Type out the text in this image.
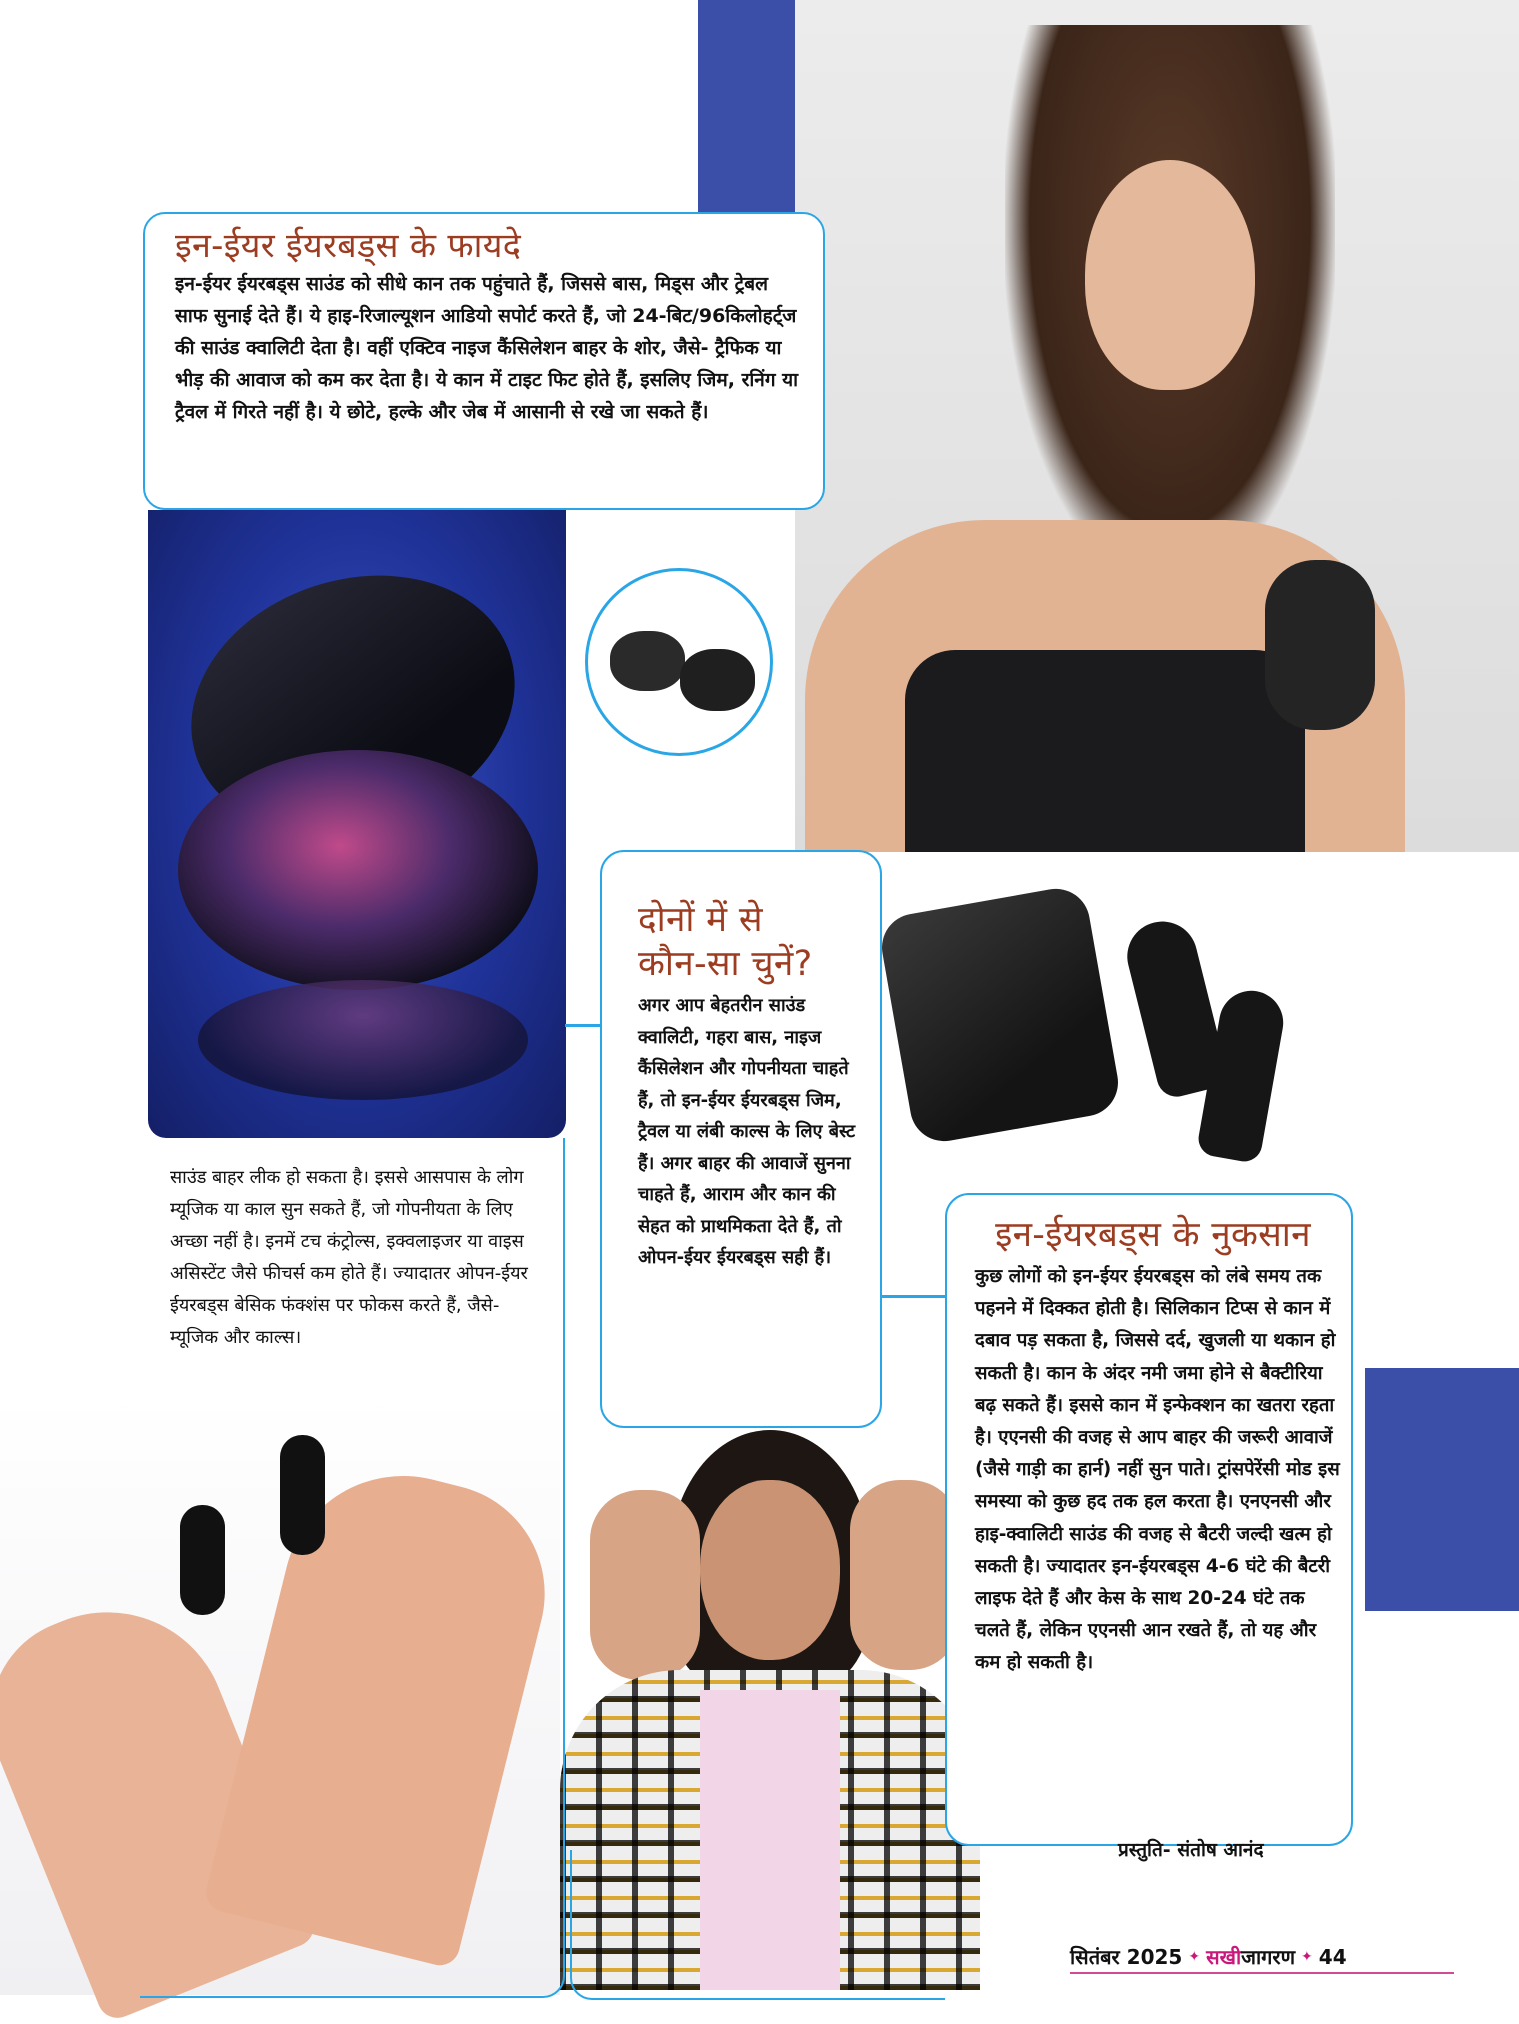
इन-ईयर ईयरबड्स के फायदे

इन-ईयर ईयरबड्स साउंड को सीधे कान तक पहुंचाते हैं, जिससे बास, मिड्स और ट्रेबल साफ सुनाई देते हैं। ये हाइ-रिजाल्यूशन आडियो सपोर्ट करते हैं, जो 24-बिट/96किलोहर्ट्ज की साउंड क्वालिटी देता है। वहीं एक्टिव नाइज कैंसिलेशन बाहर के शोर, जैसे- ट्रैफिक या भीड़ की आवाज को कम कर देता है। ये कान में टाइट फिट होते हैं, इसलिए जिम, रनिंग या ट्रैवल में गिरते नहीं है। ये छोटे, हल्के और जेब में आसानी से रखे जा सकते हैं।

साउंड बाहर लीक हो सकता है। इससे आसपास के लोग म्यूजिक या काल सुन सकते हैं, जो गोपनीयता के लिए अच्छा नहीं है। इनमें टच कंट्रोल्स, इक्वलाइजर या वाइस असिस्टेंट जैसे फीचर्स कम होते हैं। ज्यादातर ओपन-ईयर ईयरबड्स बेसिक फंक्शंस पर फोकस करते हैं, जैसे- म्यूजिक और काल्स।

दोनों में से
कौन-सा चुनें?

अगर आप बेहतरीन साउंड क्वालिटी, गहरा बास, नाइज कैंसिलेशन और गोपनीयता चाहते हैं, तो इन-ईयर ईयरबड्स जिम, ट्रैवल या लंबी काल्स के लिए बेस्ट हैं। अगर बाहर की आवाजें सुनना चाहते हैं, आराम और कान की सेहत को प्राथमिकता देते हैं, तो ओपन-ईयर ईयरबड्स सही हैं।

इन-ईयरबड्स के नुकसान

कुछ लोगों को इन-ईयर ईयरबड्स को लंबे समय तक पहनने में दिक्कत होती है। सिलिकान टिप्स से कान में दबाव पड़ सकता है, जिससे दर्द, खुजली या थकान हो सकती है। कान के अंदर नमी जमा होने से बैक्टीरिया बढ़ सकते हैं। इससे कान में इन्फेक्शन का खतरा रहता है। एएनसी की वजह से आप बाहर की जरूरी आवाजें (जैसे गाड़ी का हार्न) नहीं सुन पाते। ट्रांसपेरेंसी मोड इस समस्या को कुछ हद तक हल करता है। एनएनसी और हाइ-क्वालिटी साउंड की वजह से बैटरी जल्दी खत्म हो सकती है। ज्यादातर इन-ईयरबड्स 4-6 घंटे की बैटरी लाइफ देते हैं और केस के साथ 20-24 घंटे तक चलते हैं, लेकिन एएनसी आन रखते हैं, तो यह और कम हो सकती है।

प्रस्तुति- संतोष आनंद
सितंबर 2025 ✦ सखी जागरण ✦ 44
